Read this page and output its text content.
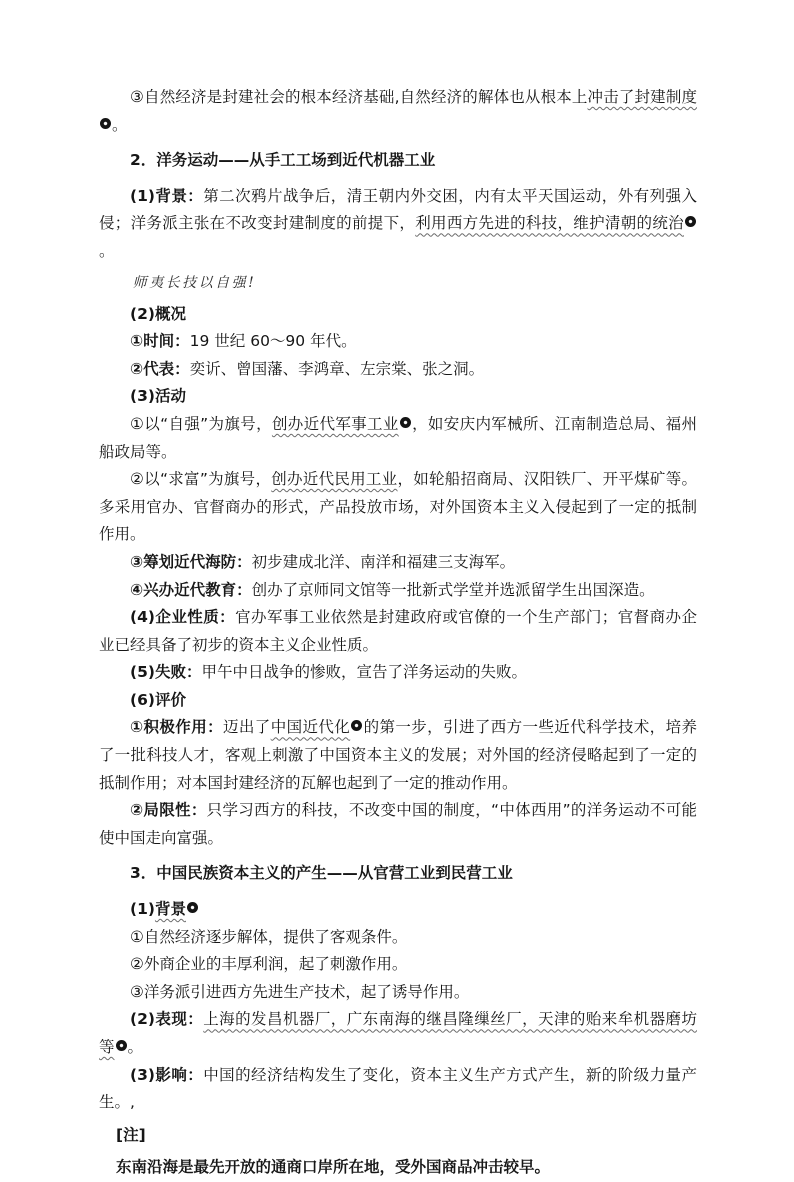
③自然经济是封建社会的根本经济基础,自然经济的解体也从根本上冲击了封建制度。

2．洋务运动——从手工工场到近代机器工业

(1)背景：第二次鸦片战争后，清王朝内外交困，内有太平天国运动，外有列强入侵；洋务派主张在不改变封建制度的前提下，利用西方先进的科技，维护清朝的统治。

师夷长技以自强!

(2)概况

①时间：19 世纪 60～90 年代。

②代表：奕䜣、曾国藩、李鸿章、左宗棠、张之洞。

(3)活动

①以“自强”为旗号，创办近代军事工业 ，如安庆内军械所、江南制造总局、福州船政局等。

②以“求富”为旗号，创办近代民用工业，如轮船招商局、汉阳铁厂、开平煤矿等。多采用官办、官督商办的形式，产品投放市场，对外国资本主义入侵起到了一定的抵制作用。

③筹划近代海防：初步建成北洋、南洋和福建三支海军。

④兴办近代教育：创办了京师同文馆等一批新式学堂并选派留学生出国深造。

(4)企业性质：官办军事工业依然是封建政府或官僚的一个生产部门；官督商办企业已经具备了初步的资本主义企业性质。

(5)失败：甲午中日战争的惨败，宣告了洋务运动的失败。

(6)评价

①积极作用：迈出了中国近代化 的第一步，引进了西方一些近代科学技术，培养了一批科技人才，客观上刺激了中国资本主义的发展；对外国的经济侵略起到了一定的抵制作用；对本国封建经济的瓦解也起到了一定的推动作用。

②局限性：只学习西方的科技，不改变中国的制度，“中体西用”的洋务运动不可能使中国走向富强。

3．中国民族资本主义的产生——从官营工业到民营工业

(1)背景

①自然经济逐步解体，提供了客观条件。

②外商企业的丰厚利润，起了刺激作用。

③洋务派引进西方先进生产技术，起了诱导作用。

(2)表现：上海的发昌机器厂，广东南海的继昌隆缫丝厂，天津的贻来牟机器磨坊等 。

(3)影响：中国的经济结构发生了变化，资本主义生产方式产生，新的阶级力量产生。,

[注]

东南沿海是最先开放的通商口岸所在地，受外国商品冲击较早。
